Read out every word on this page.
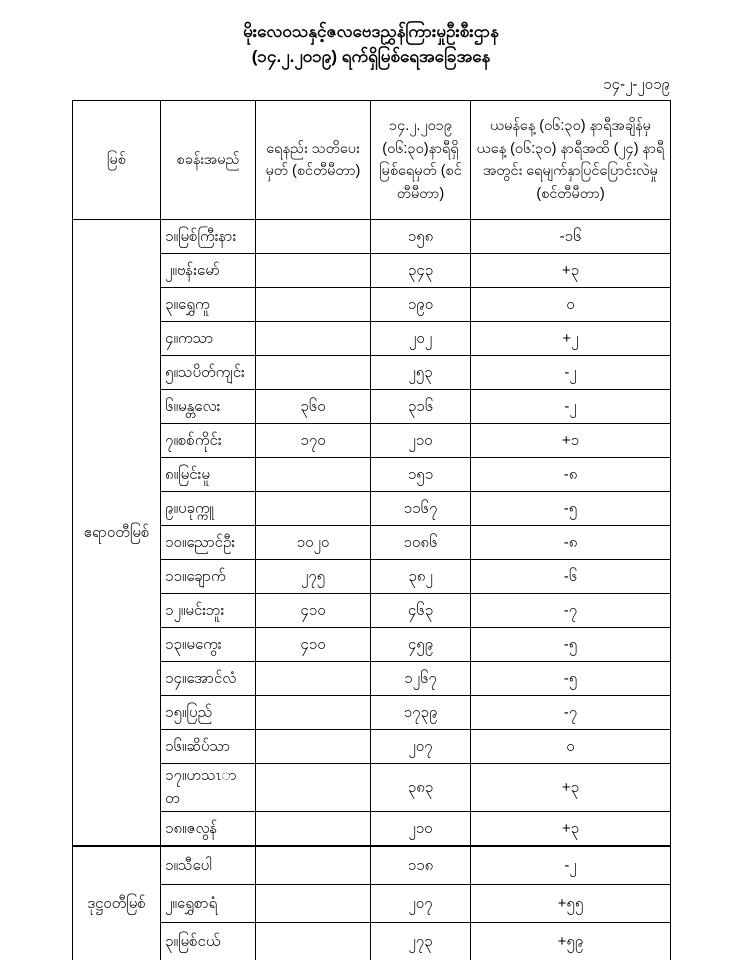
မိုးလေဝသနှင့်ဇလဗေဒညွှန်ကြားမှုဦးစီးဌာန
(၁၄.၂.၂၀၁၉) ရက်ရှိမြစ်ရေအခြေအနေ
၁၄-၂-၂၀၁၉
မြစ်	စခန်းအမည်	ရေနည်း သတိပေးမှတ် (စင်တီမီတာ)	၁၄.၂.၂၀၁၉ (၀၆:၃၀)နာရီရှိ မြစ်ရေမှတ် (စင်တီမီတာ)	ယမန်နေ့ (၀၆:၃၀) နာရီအချိန်မှ ယနေ့ (၀၆:၃၀) နာရီအထိ (၂၄) နာရီအတွင်း ရေမျက်နှာပြင်ပြောင်းလဲမှု (စင်တီမီတာ)
ဧရာဝတီမြစ်	၁။မြစ်ကြီးနား		၁၅၈	-၁၆
	၂။ဗန်းမော်		၃၄၃	+၃
	၃။ရွှေကူ		၁၉၀	၀
	၄။ကသာ		၂၀၂	+၂
	၅။သပိတ်ကျင်း		၂၅၃	-၂
	၆။မန္တလေး	၃၆၀	၃၁၆	-၂
	၇။စစ်ကိုင်း	၁၇၀	၂၁၀	+၁
	၈။မြင်းမူ		၁၅၁	-၈
	၉။ပခုက္ကူ		၁၁၆၇	-၅
	၁၀။ညောင်ဦး	၁၀၂၀	၁၀၈၆	-၈
	၁၁။ချောက်	၂၇၅	၃၈၂	-၆
	၁၂။မင်းဘူး	၄၁၀	၄၆၃	-၇
	၁၃။မကွေး	၄၁၀	၄၅၉	-၅
	၁၄။အောင်လံ		၁၂၆၇	-၅
	၁၅။ပြည်		၁၇၃၉	-၇
	၁၆။ဆိပ်သာ		၂၀၇	၀
	၁၇။ဟသၤာတ		၃၈၃	+၃
	၁၈။ဇလွန်		၂၁၀	+၃
ဒုဋ္ဌဝတီမြစ်	၁။သီပေါ		၁၁၈	-၂
	၂။ရွှေစာရံ		၂၀၇	+၅၅
	၃။မြစ်ငယ်		၂၇၃	+၅၉
